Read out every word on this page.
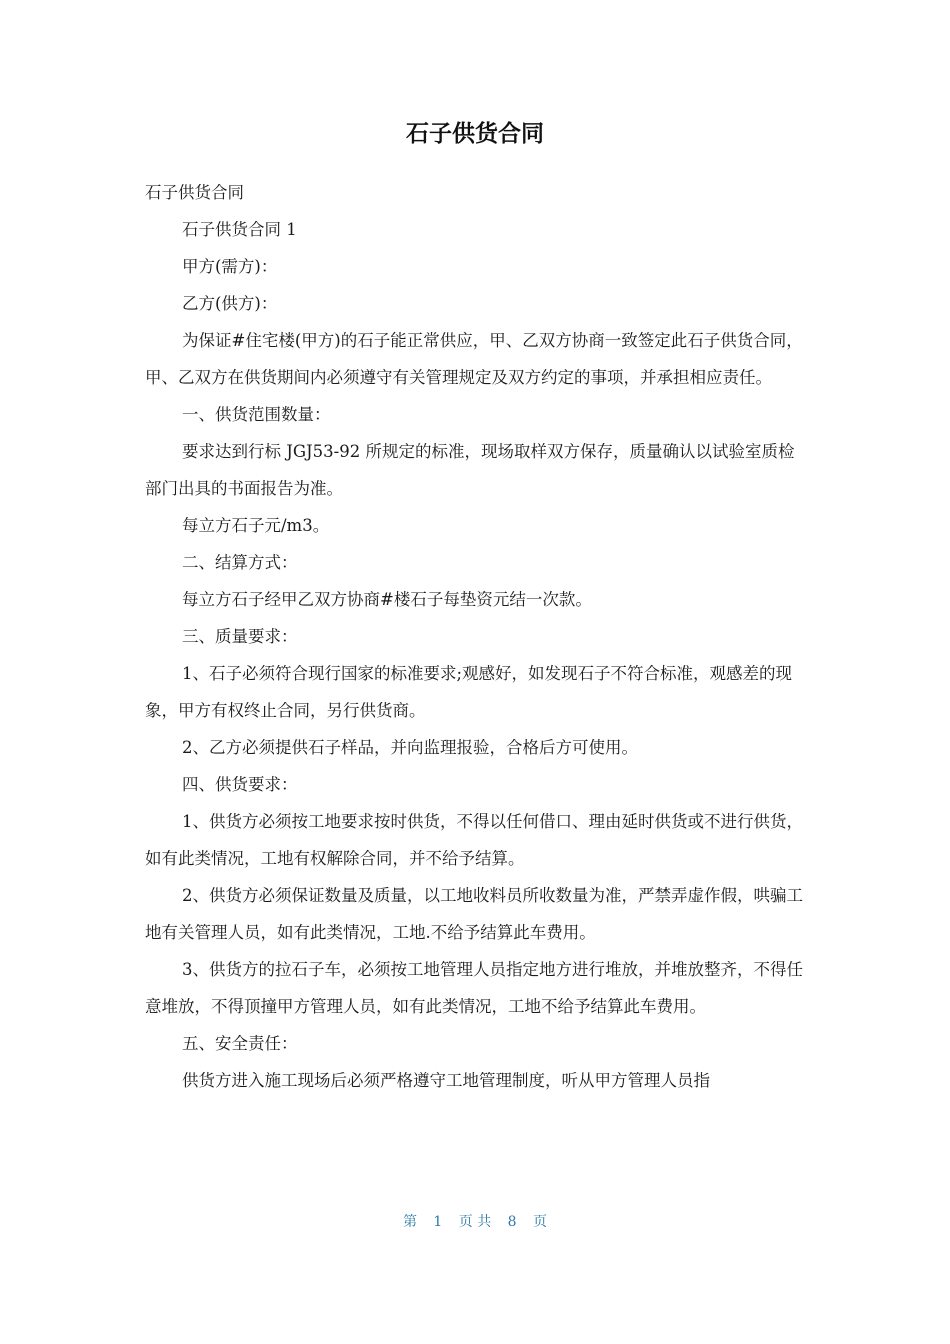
石子供货合同

石子供货合同

石子供货合同 1

甲方(需方)：

乙方(供方)：

为保证#住宅楼(甲方)的石子能正常供应，甲、乙双方协商一致签定此石子供货合同，甲、乙双方在供货期间内必须遵守有关管理规定及双方约定的事项，并承担相应责任。

一、供货范围数量：

要求达到行标 JGJ53-92 所规定的标准，现场取样双方保存，质量确认以试验室质检部门出具的书面报告为准。

每立方石子元/m3。

二、结算方式：

每立方石子经甲乙双方协商#楼石子每垫资元结一次款。

三、质量要求：

1、石子必须符合现行国家的标准要求;观感好，如发现石子不符合标准，观感差的现象，甲方有权终止合同，另行供货商。

2、乙方必须提供石子样品，并向监理报验，合格后方可使用。

四、供货要求：

1、供货方必须按工地要求按时供货，不得以任何借口、理由延时供货或不进行供货，如有此类情况，工地有权解除合同，并不给予结算。

2、供货方必须保证数量及质量，以工地收料员所收数量为准，严禁弄虚作假，哄骗工地有关管理人员，如有此类情况，工地.不给予结算此车费用。

3、供货方的拉石子车，必须按工地管理人员指定地方进行堆放，并堆放整齐，不得任意堆放，不得顶撞甲方管理人员，如有此类情况，工地不给予结算此车费用。

五、安全责任：

供货方进入施工现场后必须严格遵守工地管理制度，听从甲方管理人员指

第 1 页 共 8 页
